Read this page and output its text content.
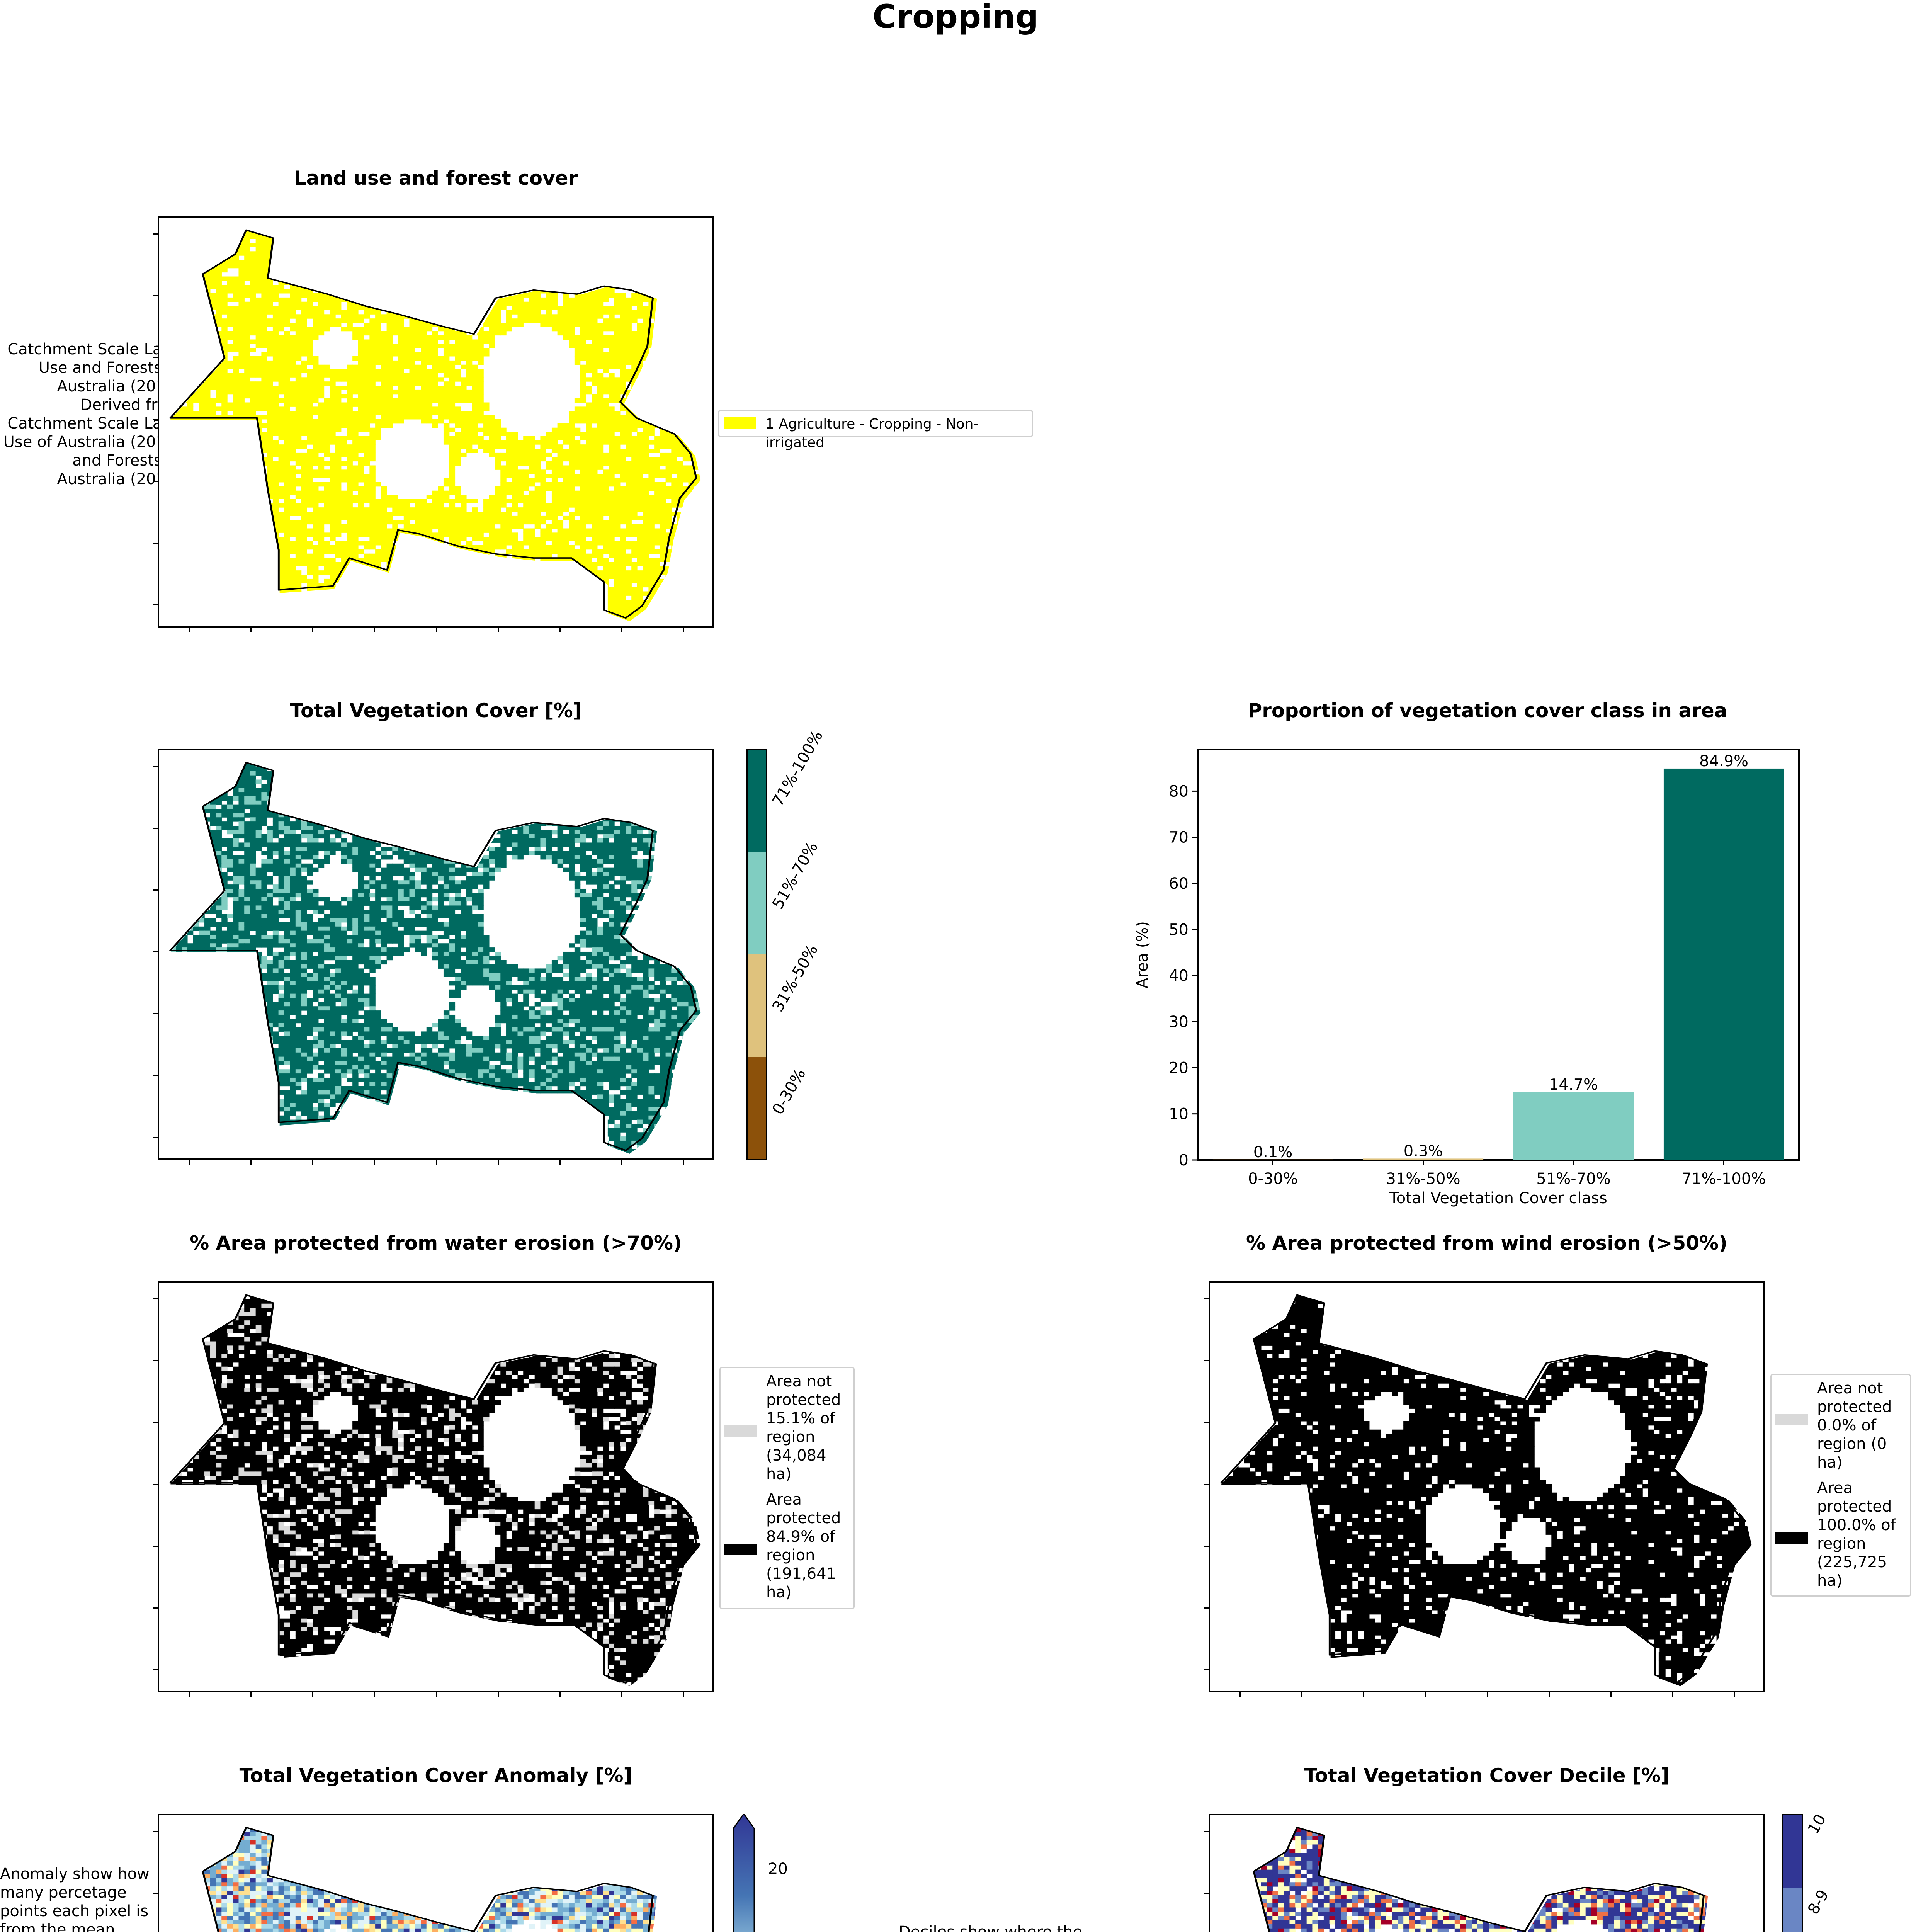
Cropping
Land use and forest cover
Catchment Scale Land Use and Forests of Australia (2018) Derived from Catchment Scale Land Use of Australia (2018) and Forests of Australia (2018)
1 Agriculture - Cropping - Non-irrigated
Total Vegetation Cover [%]
71%-100%
51%-70%
31%-50%
0-30%
Proportion of vegetation cover class in area
0
10
20
30
40
50
60
70
80
0.1%
0-30%
0.3%
31%-50%
14.7%
51%-70%
84.9%
71%-100%
Total Vegetation Cover class
Area (%)
% Area protected from water erosion (>70%)
Area not protected 15.1% of region (34,084 ha)
Area protected 84.9% of region (191,641 ha)
% Area protected from wind erosion (>50%)
Area not protected 0.0% of region (0 ha)
Area protected 100.0% of region (225,725 ha)
Total Vegetation Cover Anomaly [%]
Anomaly show how many percetage points each pixel is from the mean.
20
Total Vegetation Cover Decile [%]
Deciles show where the
10
8-9
